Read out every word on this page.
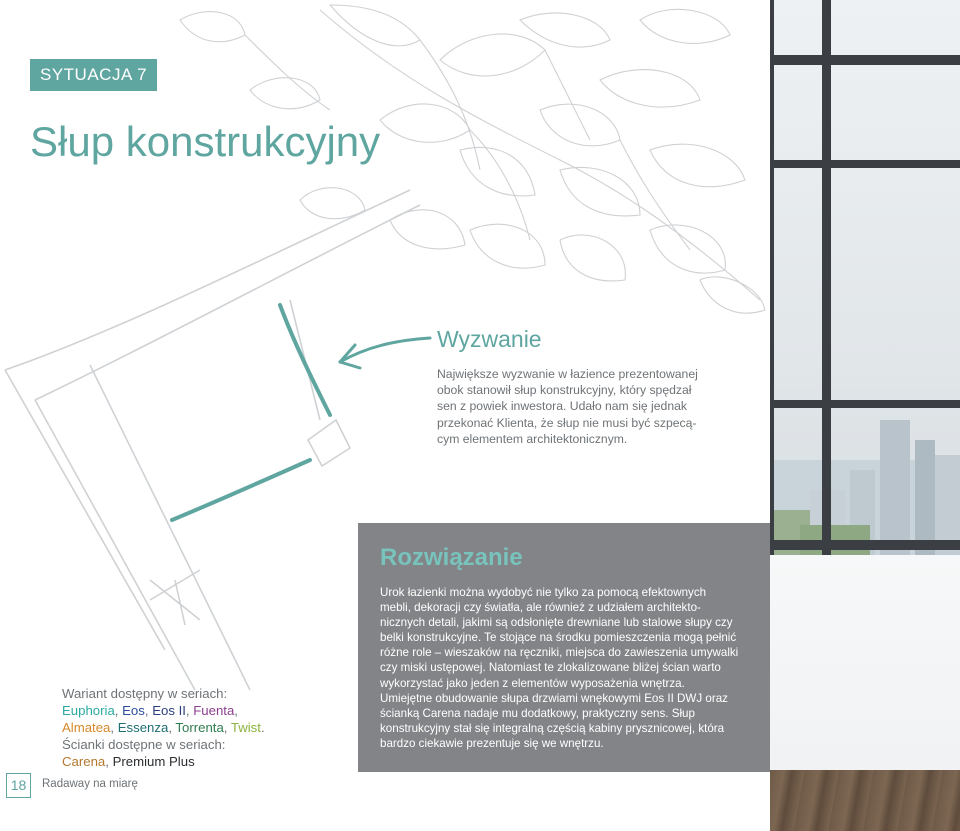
SYTUACJA 7
Słup konstrukcyjny
Wyzwanie

Największe wyzwanie w łazience prezentowanej obok stanowił słup konstrukcyjny, który spędzał sen z powiek inwestora. Udało nam się jednak przekonać Klienta, że słup nie musi być szpecą-cym elementem architektonicznym.

Rozwiązanie

Urok łazienki można wydobyć nie tylko za pomocą efektownych mebli, dekoracji czy światła, ale również z udziałem architekto-nicznych detali, jakimi są odsłonięte drewniane lub stalowe słupy czy belki konstrukcyjne. Te stojące na środku pomieszczenia mogą pełnić różne role – wieszaków na ręczniki, miejsca do zawieszenia umywalki czy miski ustępowej. Natomiast te zlokalizowane bliżej ścian warto wykorzystać jako jeden z elementów wyposażenia wnętrza. Umiejętne obudowanie słupa drzwiami wnękowymi Eos II DWJ oraz ścianką Carena nadaje mu dodatkowy, praktyczny sens. Słup konstrukcyjny stał się integralną częścią kabiny prysznicowej, która bardzo ciekawie prezentuje się we wnętrzu.

Wariant dostępny w seriach:

Euphoria, Eos, Eos II, Fuenta,
Almatea, Essenza, Torrenta, Twist.

Ścianki dostępne w seriach:

Carena, Premium Plus

18	Radaway na miarę
